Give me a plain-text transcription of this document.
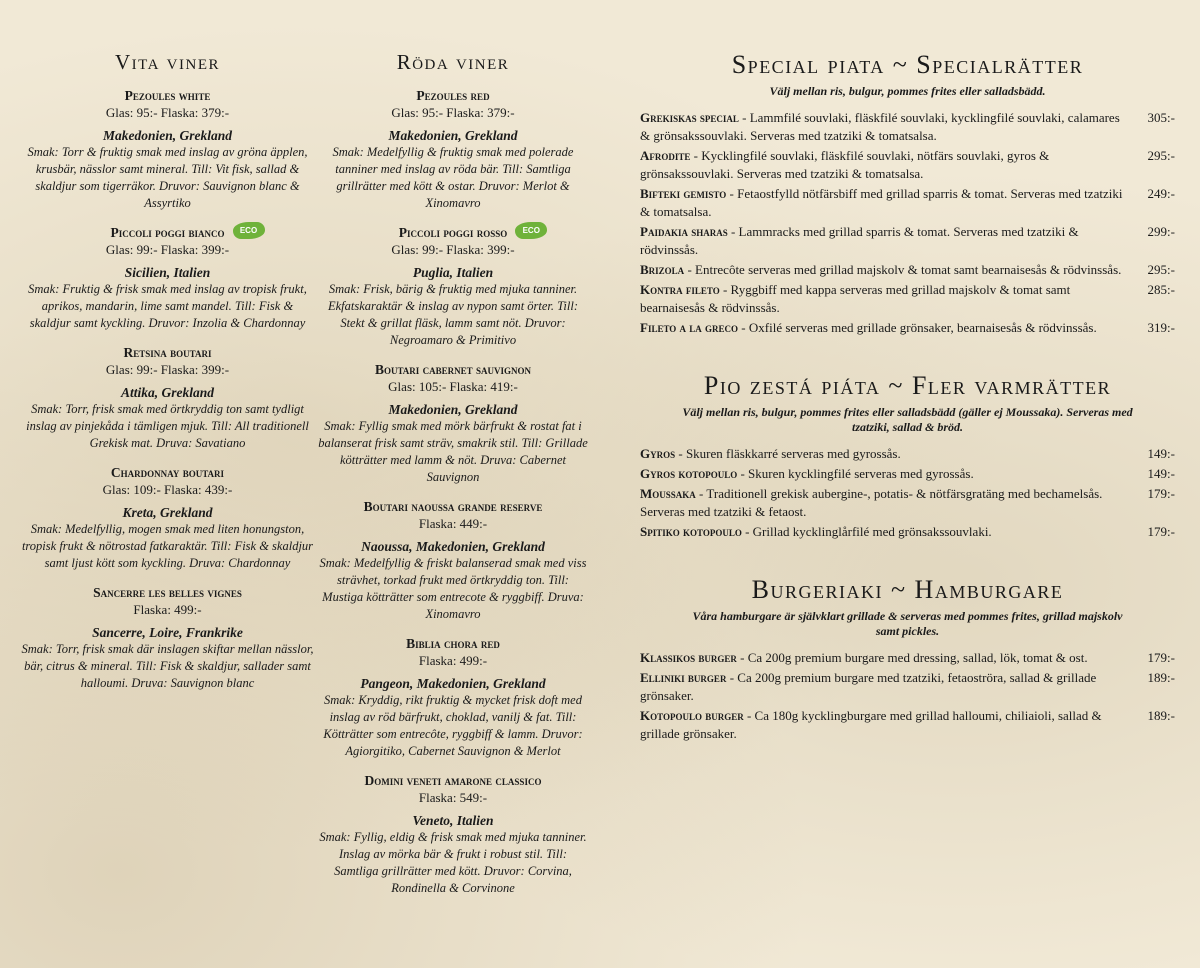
Vita viner
Pezoules white
Glas: 95:- Flaska: 379:-
Makedonien, Grekland
Smak: Torr & fruktig smak med inslag av gröna äpplen, krusbär, nässlor samt mineral. Till: Vit fisk, sallad & skaldjur som tigerräkor. Druvor: Sauvignon blanc & Assyrtiko
Piccoli poggi bianco	ECO
Glas: 99:- Flaska: 399:-
Sicilien, Italien
Smak: Fruktig & frisk smak med inslag av tropisk frukt, aprikos, mandarin, lime samt mandel. Till: Fisk & skaldjur samt kyckling. Druvor: Inzolia & Chardonnay
Retsina boutari
Glas: 99:- Flaska: 399:-
Attika, Grekland
Smak: Torr, frisk smak med örtkryddig ton samt tydligt inslag av pinjekåda i tämligen mjuk. Till: All traditionell Grekisk mat. Druva: Savatiano
Chardonnay boutari
Glas: 109:- Flaska: 439:-
Kreta, Grekland
Smak: Medelfyllig, mogen smak med liten honungston, tropisk frukt & nötrostad fatkaraktär. Till: Fisk & skaldjur samt ljust kött som kyckling. Druva: Chardonnay
Sancerre les belles vignes
Flaska: 499:-
Sancerre, Loire, Frankrike
Smak: Torr, frisk smak där inslagen skiftar mellan nässlor, bär, citrus & mineral. Till: Fisk & skaldjur, sallader samt halloumi. Druva: Sauvignon blanc
Röda viner
Pezoules red
Glas: 95:- Flaska: 379:-
Makedonien, Grekland
Smak: Medelfyllig & fruktig smak med polerade tanniner med inslag av röda bär. Till: Samtliga grillrätter med kött & ostar. Druvor: Merlot & Xinomavro
Piccoli poggi rosso	ECO
Glas: 99:- Flaska: 399:-
Puglia, Italien
Smak: Frisk, bärig & fruktig med mjuka tanniner. Ekfatskaraktär & inslag av nypon samt örter. Till: Stekt & grillat fläsk, lamm samt nöt. Druvor: Negroamaro & Primitivo
Boutari cabernet sauvignon
Glas: 105:- Flaska: 419:-
Makedonien, Grekland
Smak: Fyllig smak med mörk bärfrukt & rostat fat i balanserat frisk samt sträv, smakrik stil. Till: Grillade kötträtter med lamm & nöt. Druva: Cabernet Sauvignon
Boutari naoussa grande reserve
Flaska: 449:-
Naoussa, Makedonien, Grekland
Smak: Medelfyllig & friskt balanserad smak med viss strävhet, torkad frukt med örtkryddig ton. Till: Mustiga kötträtter som entrecote & ryggbiff. Druva: Xinomavro
Biblia chora red
Flaska: 499:-
Pangeon, Makedonien, Grekland
Smak: Kryddig, rikt fruktig & mycket frisk doft med inslag av röd bärfrukt, choklad, vanilj & fat. Till: Kötträtter som entrecôte, ryggbiff & lamm. Druvor: Agiorgitiko, Cabernet Sauvignon & Merlot
Domini veneti amarone classico
Flaska: 549:-
Veneto, Italien
Smak: Fyllig, eldig & frisk smak med mjuka tanniner. Inslag av mörka bär & frukt i robust stil. Till: Samtliga grillrätter med kött. Druvor: Corvina, Rondinella & Corvinone
Special piata ~ Specialrätter
Välj mellan ris, bulgur, pommes frites eller salladsbädd.
Grekiskas special - Lammfilé souvlaki, fläskfilé souvlaki, kycklingfilé souvlaki, calamares & grönsakssouvlaki. Serveras med tzatziki & tomatsalsa.
305:-
Afrodite - Kycklingfilé souvlaki, fläskfilé souvlaki, nötfärs souvlaki, gyros & grönsakssouvlaki. Serveras med tzatziki & tomatsalsa.
295:-
Bifteki gemisto - Fetaostfylld nötfärsbiff med grillad sparris & tomat. Serveras med tzatziki & tomatsalsa.
249:-
Paidakia sharas - Lammracks med grillad sparris & tomat. Serveras med tzatziki & rödvinssås.
299:-
Brizola - Entrecôte serveras med grillad majskolv & tomat samt bearnaisesås & rödvinssås.	295:-
Kontra fileto - Ryggbiff med kappa serveras med grillad majskolv & tomat samt bearnaisesås & rödvinssås.
285:-
Fileto a la greco - Oxfilé serveras med grillade grönsaker, bearnaisesås & rödvinssås.	319:-
Pio zestá piáta ~ Fler varmrätter
Välj mellan ris, bulgur, pommes frites eller salladsbädd (gäller ej Moussaka). Serveras med tzatziki, sallad & bröd.
Gyros - Skuren fläskkarré serveras med gyrossås.	149:-
Gyros kotopoulo - Skuren kycklingfilé serveras med gyrossås.	149:-
Moussaka - Traditionell grekisk aubergine-, potatis- & nötfärsgratäng med bechamelsås. Serveras med tzatziki & fetaost.
179:-
Spitiko kotopoulo - Grillad kycklinglårfilé med grönsakssouvlaki.	179:-
Burgeriaki ~ Hamburgare
Våra hamburgare är självklart grillade & serveras med pommes frites, grillad majskolv samt pickles.
Klassikos burger - Ca 200g premium burgare med dressing, sallad, lök, tomat & ost.	179:-
Elliniki burger - Ca 200g premium burgare med tzatziki, fetaoströra, sallad & grillade grönsaker.
189:-
Kotopoulo burger - Ca 180g kycklingburgare med grillad halloumi, chiliaioli, sallad & grillade grönsaker.
189:-
